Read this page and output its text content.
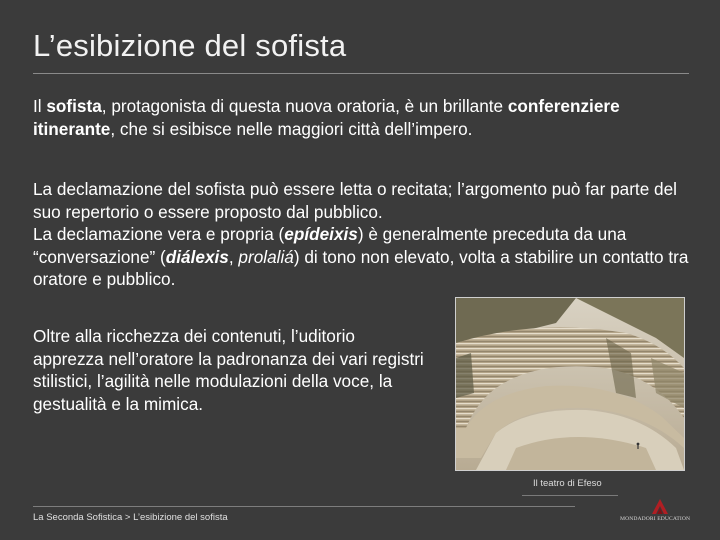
L’esibizione del sofista
Il sofista, protagonista di questa nuova oratoria, è un brillante conferenziere itinerante, che si esibisce nelle maggiori città dell’impero.
La declamazione del sofista può essere letta o recitata; l’argomento può far parte del suo repertorio o essere proposto dal pubblico.
La declamazione vera e propria (epídeixis) è generalmente preceduta da una “conversazione” (diálexis, prolaliá) di tono non elevato, volta a stabilire un contatto tra oratore e pubblico.
Oltre alla ricchezza dei contenuti, l’uditorio apprezza nell’oratore la padronanza dei vari registri stilistici, l’agilità nelle modulazioni della voce, la gestualità e la mimica.
Il teatro di Efeso
La Seconda Sofistica > L’esibizione del sofista	MONDADORI EDUCATION
